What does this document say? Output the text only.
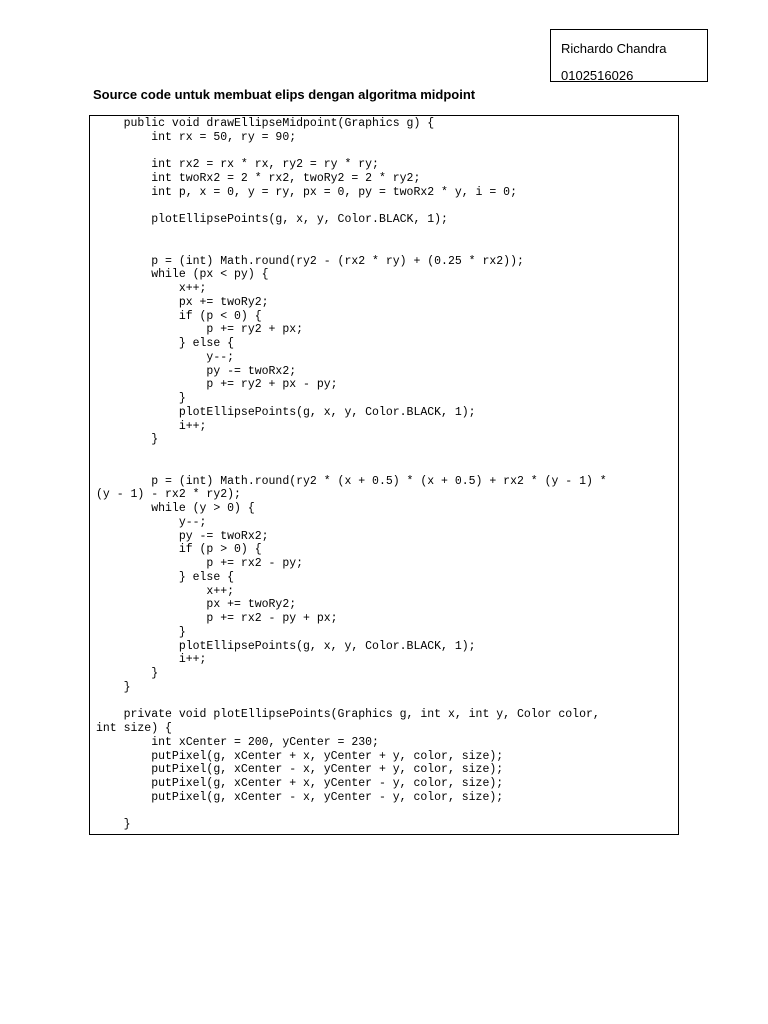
Richardo Chandra
0102516026
Source code untuk membuat elips dengan algoritma midpoint
public void drawEllipseMidpoint(Graphics g) {
int rx = 50, ry = 90;
int rx2 = rx * rx, ry2 = ry * ry;
int twoRx2 = 2 * rx2, twoRy2 = 2 * ry2;
int p, x = 0, y = ry, px = 0, py = twoRx2 * y, i = 0;
plotEllipsePoints(g, x, y, Color.BLACK, 1);
p = (int) Math.round(ry2 - (rx2 * ry) + (0.25 * rx2));
while (px < py) {
x++;
px += twoRy2;
if (p < 0) {
p += ry2 + px;
} else {
y--;
py -= twoRx2;
p += ry2 + px - py;
}
plotEllipsePoints(g, x, y, Color.BLACK, 1);
i++;
}
p = (int) Math.round(ry2 * (x + 0.5) * (x + 0.5) + rx2 * (y - 1) *
(y - 1) - rx2 * ry2);
while (y > 0) {
y--;
py -= twoRx2;
if (p > 0) {
p += rx2 - py;
} else {
x++;
px += twoRy2;
p += rx2 - py + px;
}
plotEllipsePoints(g, x, y, Color.BLACK, 1);
i++;
}
}
private void plotEllipsePoints(Graphics g, int x, int y, Color color,
int size) {
int xCenter = 200, yCenter = 230;
putPixel(g, xCenter + x, yCenter + y, color, size);
putPixel(g, xCenter - x, yCenter + y, color, size);
putPixel(g, xCenter + x, yCenter - y, color, size);
putPixel(g, xCenter - x, yCenter - y, color, size);
}
